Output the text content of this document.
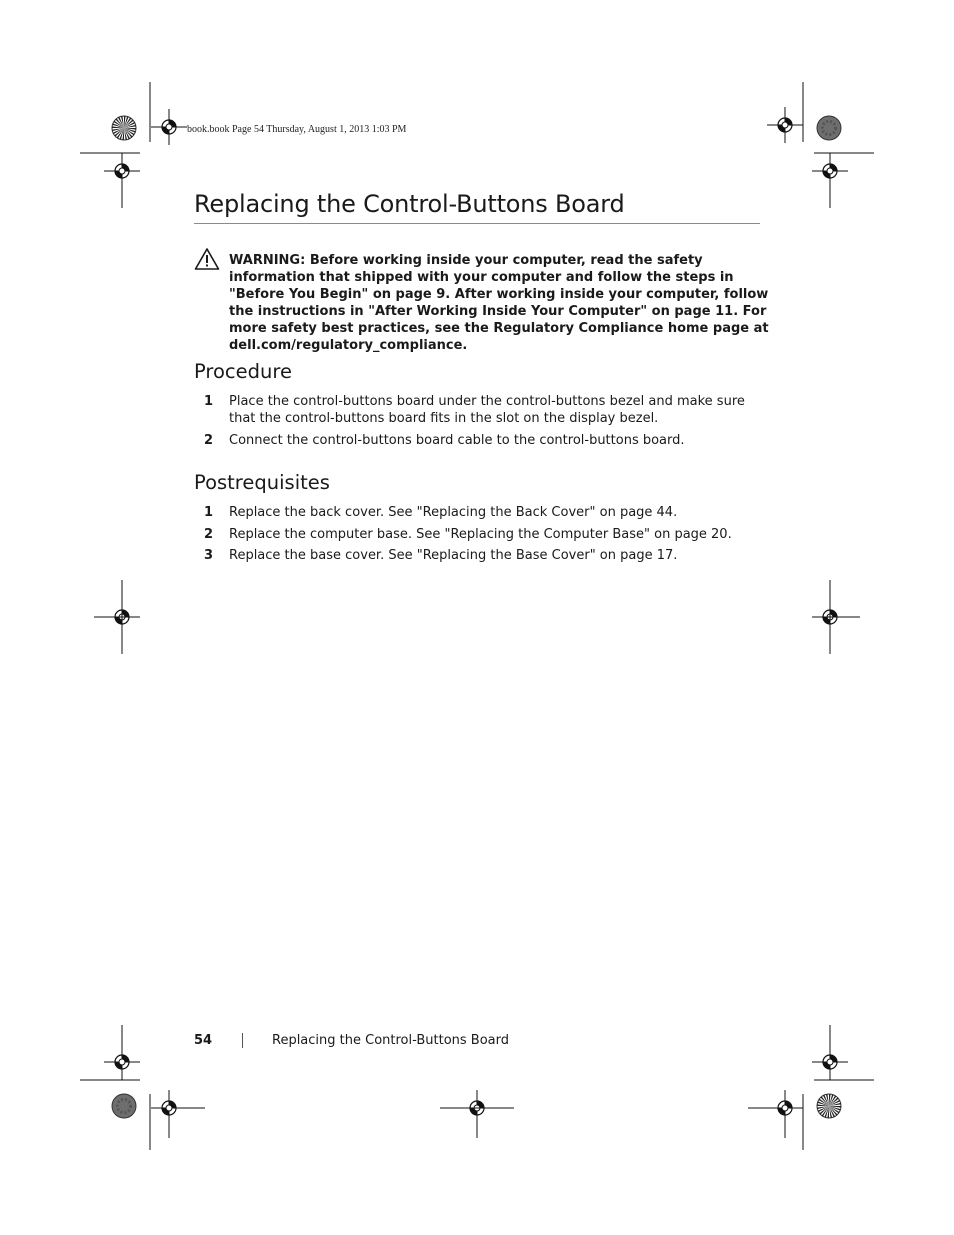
book.book Page 54 Thursday, August 1, 2013 1:03 PM
Replacing the Control-Buttons Board

WARNING: Before working inside your computer, read the safety information that shipped with your computer and follow the steps in "Before You Begin" on page 9. After working inside your computer, follow the instructions in "After Working Inside Your Computer" on page 11. For more safety best practices, see the Regulatory Compliance home page at dell.com/regulatory_compliance.

Procedure
1 Place the control-buttons board under the control-buttons bezel and make sure that the control-buttons board fits in the slot on the display bezel.
2 Connect the control-buttons board cable to the control-buttons board.
Postrequisites
1 Replace the back cover. See "Replacing the Back Cover" on page 44.
2 Replace the computer base. See "Replacing the Computer Base" on page 20.
3 Replace the base cover. See "Replacing the Base Cover" on page 17.
54	Replacing the Control-Buttons Board
